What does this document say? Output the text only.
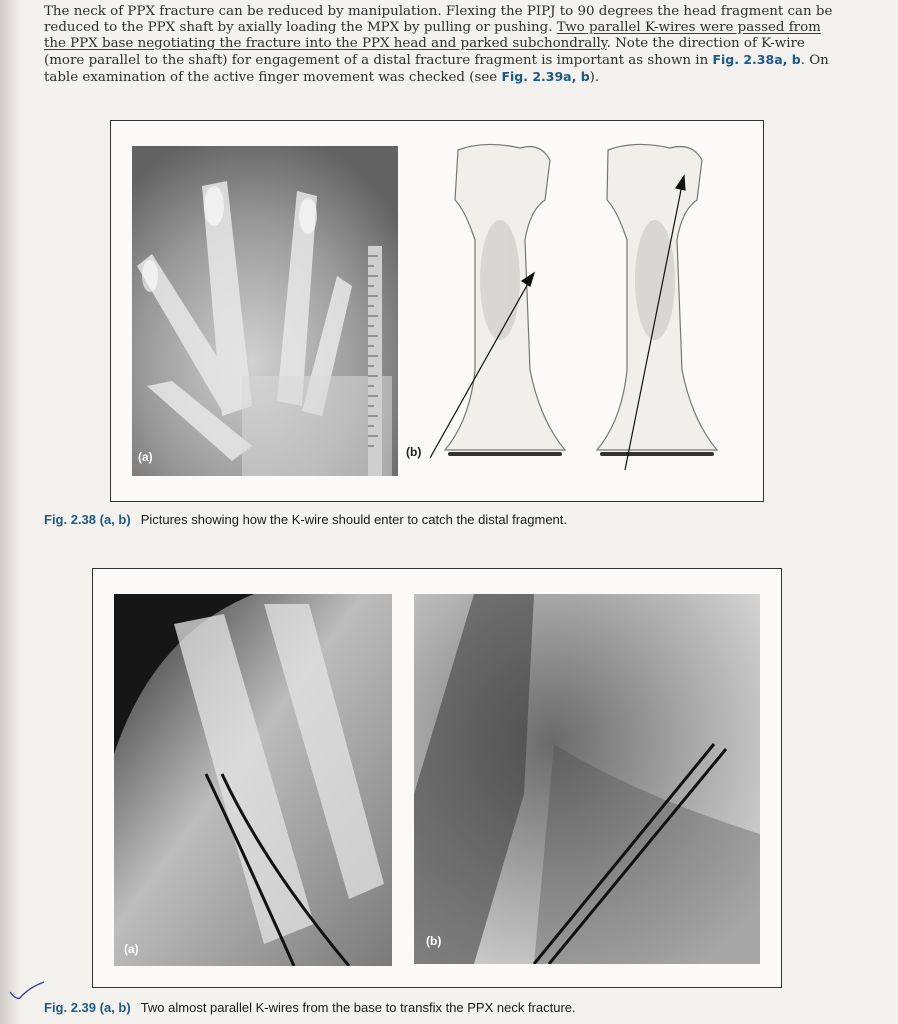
The neck of PPX fracture can be reduced by manipulation. Flexing the PIPJ to 90 degrees the head fragment can be reduced to the PPX shaft by axially loading the MPX by pulling or pushing. Two parallel K-wires were passed from the PPX base negotiating the fracture into the PPX head and parked subchondrally. Note the direction of K-wire (more parallel to the shaft) for engagement of a distal fracture fragment is important as shown in Fig. 2.38a, b. On table examination of the active finger movement was checked (see Fig. 2.39a, b).
(a)	(b)
Fig. 2.38 (a, b) Pictures showing how the K-wire should enter to catch the distal fragment.
(a)
(b)
Fig. 2.39 (a, b) Two almost parallel K-wires from the base to transfix the PPX neck fracture.
